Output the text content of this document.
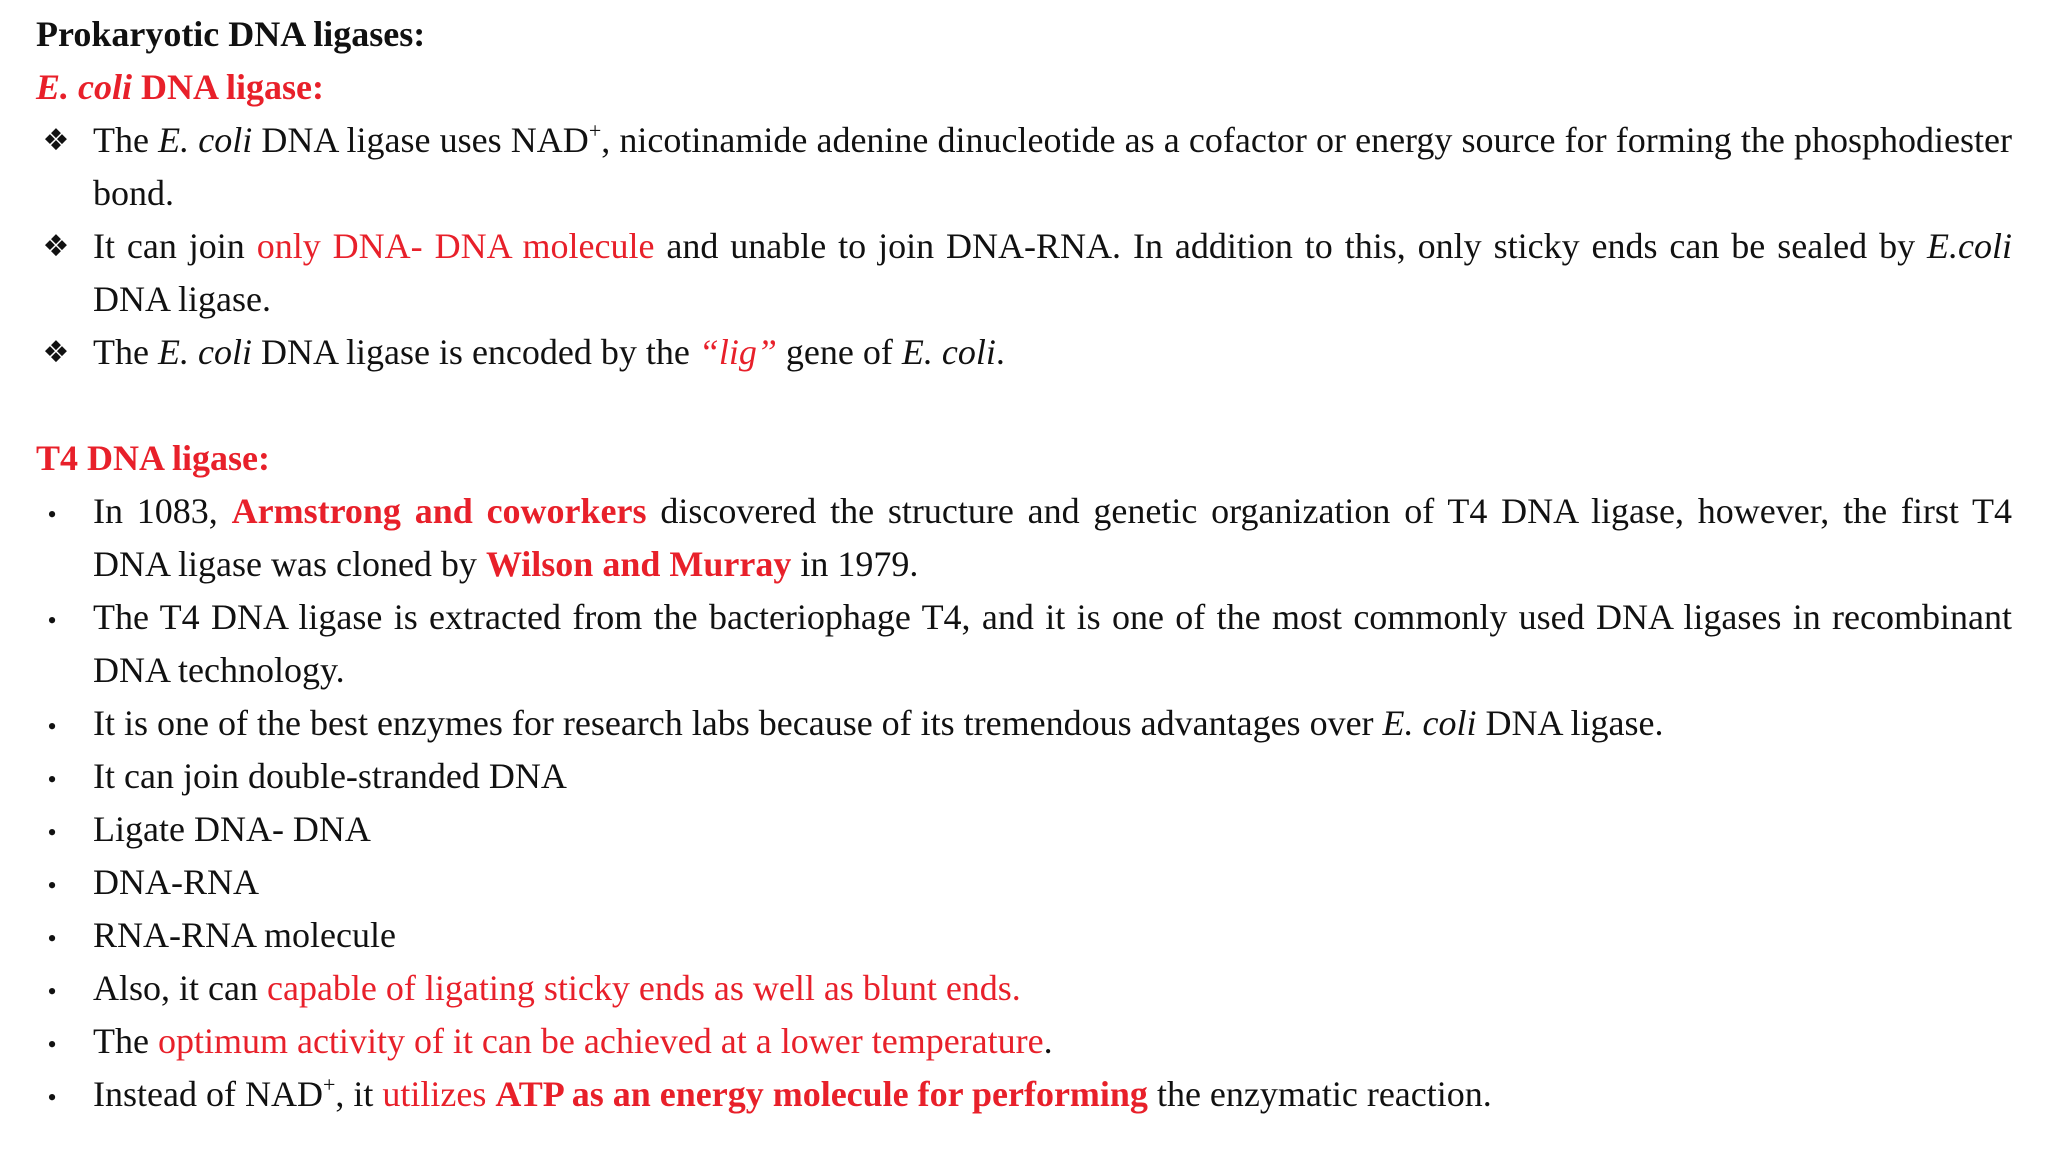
Prokaryotic DNA ligases:

E. coli DNA ligase:

❖ The E. coli DNA ligase uses NAD+, nicotinamide adenine dinucleotide as a cofactor or energy source for forming the phosphodiester bond.
❖ It can join only DNA- DNA molecule and unable to join DNA-RNA. In addition to this, only sticky ends can be sealed by E.coli DNA ligase.
❖ The E. coli DNA ligase is encoded by the “lig” gene of E. coli.

T4 DNA ligase:

•	In 1083, Armstrong and coworkers discovered the structure and genetic organization of T4 DNA ligase, however, the first T4 DNA ligase was cloned by Wilson and Murray in 1979.
•	The T4 DNA ligase is extracted from the bacteriophage T4, and it is one of the most commonly used DNA ligases in recombinant DNA technology.
•	It is one of the best enzymes for research labs because of its tremendous advantages over E. coli DNA ligase.
•	It can join double-stranded DNA
•	Ligate DNA- DNA
•	DNA-RNA
•	RNA-RNA molecule
•	Also, it can capable of ligating sticky ends as well as blunt ends.
•	The optimum activity of it can be achieved at a lower temperature.
•	Instead of NAD+, it utilizes ATP as an energy molecule for performing the enzymatic reaction.
